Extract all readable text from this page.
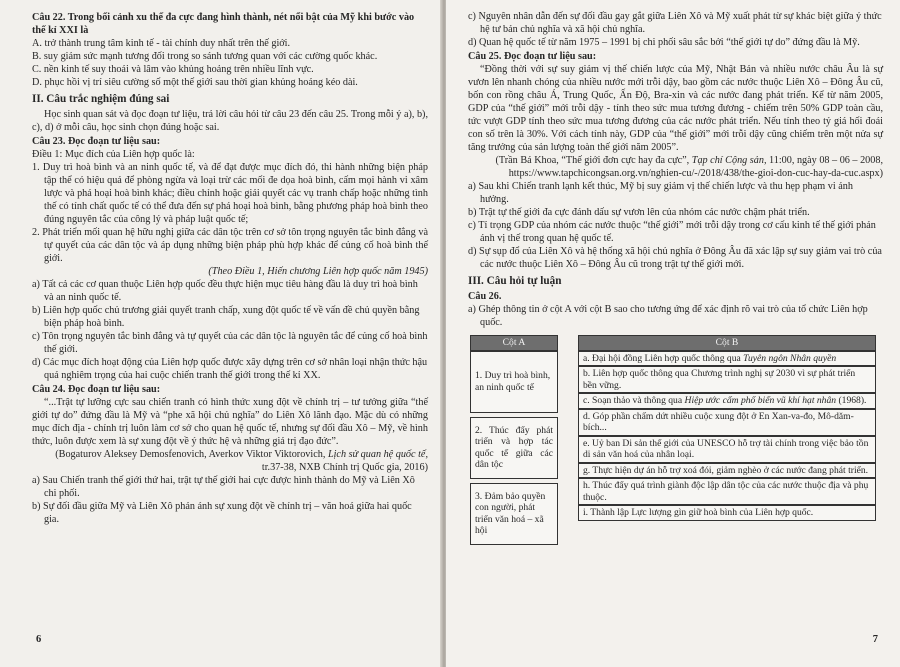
Câu 22. Trong bối cảnh xu thế đa cực đang hình thành, nét nổi bật của Mỹ khi bước vào thế kỉ XXI là

A. trở thành trung tâm kinh tế - tài chính duy nhất trên thế giới.

B. suy giảm sức mạnh tương đối trong so sánh tương quan với các cường quốc khác.

C. nền kinh tế suy thoái và lâm vào khủng hoảng trên nhiều lĩnh vực.

D. phục hồi vị trí siêu cường số một thế giới sau thời gian khủng hoảng kéo dài.

II. Câu trắc nghiệm đúng sai

Học sinh quan sát và đọc đoạn tư liệu, trả lời câu hỏi từ câu 23 đến câu 25. Trong mỗi ý a), b), c), d) ở mỗi câu, học sinh chọn đúng hoặc sai.

Câu 23. Đọc đoạn tư liệu sau:

Điều 1: Mục đích của Liên hợp quốc là:

1. Duy trì hoà bình và an ninh quốc tế, và để đạt được mục đích đó, thi hành những biện pháp tập thể có hiệu quả để phòng ngừa và loại trừ các mối đe dọa hoà bình, cấm mọi hành vi xâm lược và phá hoại hoà bình khác; điều chỉnh hoặc giải quyết các vụ tranh chấp hoặc những tình thế có tính chất quốc tế có thể đưa đến sự phá hoại hoà bình, bằng phương pháp hoà bình theo đúng nguyên tắc của công lý và pháp luật quốc tế;

2. Phát triển mối quan hệ hữu nghị giữa các dân tộc trên cơ sở tôn trọng nguyên tắc bình đẳng và tự quyết của các dân tộc và áp dụng những biện pháp phù hợp khác để củng cố hoà bình thế giới.

(Theo Điều 1, Hiến chương Liên hợp quốc năm 1945)

a) Tất cả các cơ quan thuộc Liên hợp quốc đều thực hiện mục tiêu hàng đầu là duy trì hoà bình và an ninh quốc tế.

b) Liên hợp quốc chủ trương giải quyết tranh chấp, xung đột quốc tế về vấn đề chủ quyền bằng biện pháp hoà bình.

c) Tôn trọng nguyên tắc bình đẳng và tự quyết của các dân tộc là nguyên tắc để củng cố hoà bình thế giới.

d) Các mục đích hoạt động của Liên hợp quốc được xây dựng trên cơ sở nhân loại nhận thức hậu quả nghiêm trọng của hai cuộc chiến tranh thế giới trong thế kỉ XX.

Câu 24. Đọc đoạn tư liệu sau:

“...Trật tự lưỡng cực sau chiến tranh có hình thức xung đột về chính trị – tư tưởng giữa “thế giới tự do” đứng đầu là Mỹ và “phe xã hội chủ nghĩa” do Liên Xô lãnh đạo. Mặc dù có những mục đích địa - chính trị luôn làm cơ sở cho quan hệ quốc tế, nhưng sự đối đầu Xô – Mỹ, về hình thức, luôn được xem là sự xung đột về ý thức hệ và những giá trị đạo đức”.

(Bogaturov Aleksey Demosfenovich, Averkov Viktor Viktorovich, Lịch sử quan hệ quốc tế,
tr.37-38, NXB Chính trị Quốc gia, 2016)

a) Sau Chiến tranh thế giới thứ hai, trật tự thế giới hai cực được hình thành do Mỹ và Liên Xô chi phối.

b) Sự đối đầu giữa Mỹ và Liên Xô phản ánh sự xung đột về chính trị – văn hoá giữa hai quốc gia.

6

c) Nguyên nhân dẫn đến sự đối đầu gay gắt giữa Liên Xô và Mỹ xuất phát từ sự khác biệt giữa ý thức hệ tư bản chủ nghĩa và xã hội chủ nghĩa.

d) Quan hệ quốc tế từ năm 1975 – 1991 bị chi phối sâu sắc bởi “thế giới tự do” đứng đầu là Mỹ.

Câu 25. Đọc đoạn tư liệu sau:

“Đồng thời với sự suy giảm vị thế chiến lược của Mỹ, Nhật Bản và nhiều nước châu Âu là sự vươn lên nhanh chóng của nhiều nước mới trỗi dậy, bao gồm các nước thuộc Liên Xô – Đông Âu cũ, bốn con rồng châu Á, Trung Quốc, Ấn Độ, Bra-xin và các nước đang phát triển. Kể từ năm 2005, GDP của “thế giới” mới trỗi dậy - tính theo sức mua tương đương - chiếm trên 50% GDP toàn cầu, tức vượt GDP tính theo sức mua tương đương của các nước phát triển. Nếu tính theo tỷ giá hối đoái con số trên là 30%. Với cách tính này, GDP của “thế giới” mới trỗi dậy cũng chiếm trên một nửa sự tăng trưởng của sản lượng toàn thế giới năm 2005”.

(Trần Bá Khoa, “Thế giới đơn cực hay đa cực”, Tạp chí Cộng sản, 11:00, ngày 08 – 06 – 2008,
https://www.tapchicongsan.org.vn/nghien-cu/-/2018/438/the-gioi-don-cuc-hay-da-cuc.aspx)

a) Sau khi Chiến tranh lạnh kết thúc, Mỹ bị suy giảm vị thế chiến lược và thu hẹp phạm vi ảnh hưởng.

b) Trật tự thế giới đa cực đánh dấu sự vươn lên của nhóm các nước chậm phát triển.

c) Tỉ trọng GDP của nhóm các nước thuộc “thế giới” mới trỗi dậy trong cơ cấu kinh tế thế giới phản ánh vị thế trong quan hệ quốc tế.

d) Sự sụp đổ của Liên Xô và hệ thống xã hội chủ nghĩa ở Đông Âu đã xác lập sự suy giảm vai trò của các nước thuộc Liên Xô – Đông Âu cũ trong trật tự thế giới mới.

III. Câu hỏi tự luận

Câu 26.

a) Ghép thông tin ở cột A với cột B sao cho tương ứng để xác định rõ vai trò của tổ chức Liên hợp quốc.

Cột A
1. Duy trì hoà bình, an ninh quốc tế
2. Thúc đẩy phát triển và hợp tác quốc tế giữa các dân tộc
3. Đảm bảo quyền con người, phát triển văn hoá – xã hội

Cột B
a. Đại hội đồng Liên hợp quốc thông qua Tuyên ngôn Nhân quyền
b. Liên hợp quốc thông qua Chương trình nghị sự 2030 vì sự phát triển bền vững.
c. Soạn thảo và thông qua Hiệp ước cấm phổ biến vũ khí hạt nhân (1968).
d. Góp phần chấm dứt nhiều cuộc xung đột ở En Xan-va-đo, Mô-dăm-bích...
e. Uỷ ban Di sản thế giới của UNESCO hỗ trợ tài chính trong việc bảo tồn di sản văn hoá của nhân loại.
g. Thực hiện dự án hỗ trợ xoá đói, giảm nghèo ở các nước đang phát triển.
h. Thúc đẩy quá trình giành độc lập dân tộc của các nước thuộc địa và phụ thuộc.
i. Thành lập Lực lượng gìn giữ hoà bình của Liên hợp quốc.
7
